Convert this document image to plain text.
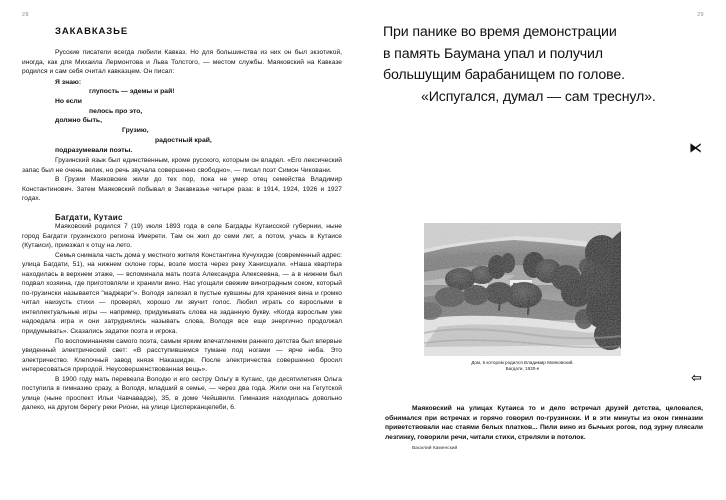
28
ЗАКАВКАЗЬЕ

Русские писатели всегда любили Кавказ. Но для большинства из них он был экзотикой, иногда, как для Михаила Лермонтова и Льва Толстого, — местом службы. Маяковский на Кавказе родился и сам себя считал кавказцем. Он писал:

Я знаю:
глупость — эдемы и рай!
Но если
пелось про это,
должно быть,
Грузию,
радостный край,
подразумевали поэты.

Грузинский язык был единственным, кроме русского, которым он владел. «Его лексический запас был не очень велик, но речь звучала совершенно свободно», — писал поэт Симон Чиковани.

В Грузии Маяковские жили до тех пор, пока не умер отец семейства Владимир Константинович. Затем Маяковский побывал в Закавказье четыре раза: в 1914, 1924, 1926 и 1927 годах.

Багдати, Кутаис

Маяковский родился 7 (19) июля 1893 года в селе Багдады Кутаисской губернии, ныне город Багдати грузинского региона Имерети. Там он жил до семи лет, а потом, учась в Кутаисе (Кутаиси), приезжал к отцу на лето.

Семья снимала часть дома у местного жителя Константина Кучухидзе (современный адрес: улица Багдати, 51), на нижнем склоне горы, возле моста через реку Ханисцкали. «Наша квартира находилась в верхнем этаже, — вспоминала мать поэта Александра Алексеевна, — а в нижнем был подвал хозяина, где приготовляли и хранили вино. Нас угощали свежим виноградным соком, который по-грузински называется "маджари"». Володя залезал в пустые кувшины для хранения вина и громко читал наизусть стихи — проверял, хорошо ли звучит голос. Любил играть со взрослыми в интеллектуальные игры — например, придумывать слова на заданную букву. «Когда взрослым уже надоедала игра и они затруднялись называть слова, Володя все еще энергично продолжал придумывать». Сказались задатки поэта и игрока.

По воспоминаниям самого поэта, самым ярким впечатлением раннего детства был впервые увиденный электрический свет: «В расступившемся тумане под ногами — ярче неба. Это электричество. Клепочный завод князя Накашидзе. После электричества совершенно бросил интересоваться природой. Неусовершенствованная вещь».

В 1900 году мать перевезла Володю и его сестру Ольгу в Кутаис, где десятилетняя Ольга поступила в гимназию сразу, а Володя, младший в семье, — через два года. Жили они на Гегутской улице (ныне проспект Ильи Чавчавадзе), 35, в доме Чейшвили. Гимназия находилась довольно далеко, на другом берегу реки Риони, на улице Цисперканцелеби, 6.

29
При панике во время демонстрации
в память Баумана упал и получил
большущим барабанищем по голове.
«Испугался, думал — сам треснул».
⧔
Дом, в котором родился Владимир Маяковский.
Багдати, 1930-е
⇦

Маяковский на улицах Кутаиса то и дело встречал друзей детства, целовался, обнимался при встречах и горячо говорил по-грузински. И в эти минуты из окон гимназии приветствовали нас стаями белых платков... Пили вино из бычьих рогов, под зурну плясали лезгинку, говорили речи, читали стихи, стреляли в потолок.

Василий Каменский
